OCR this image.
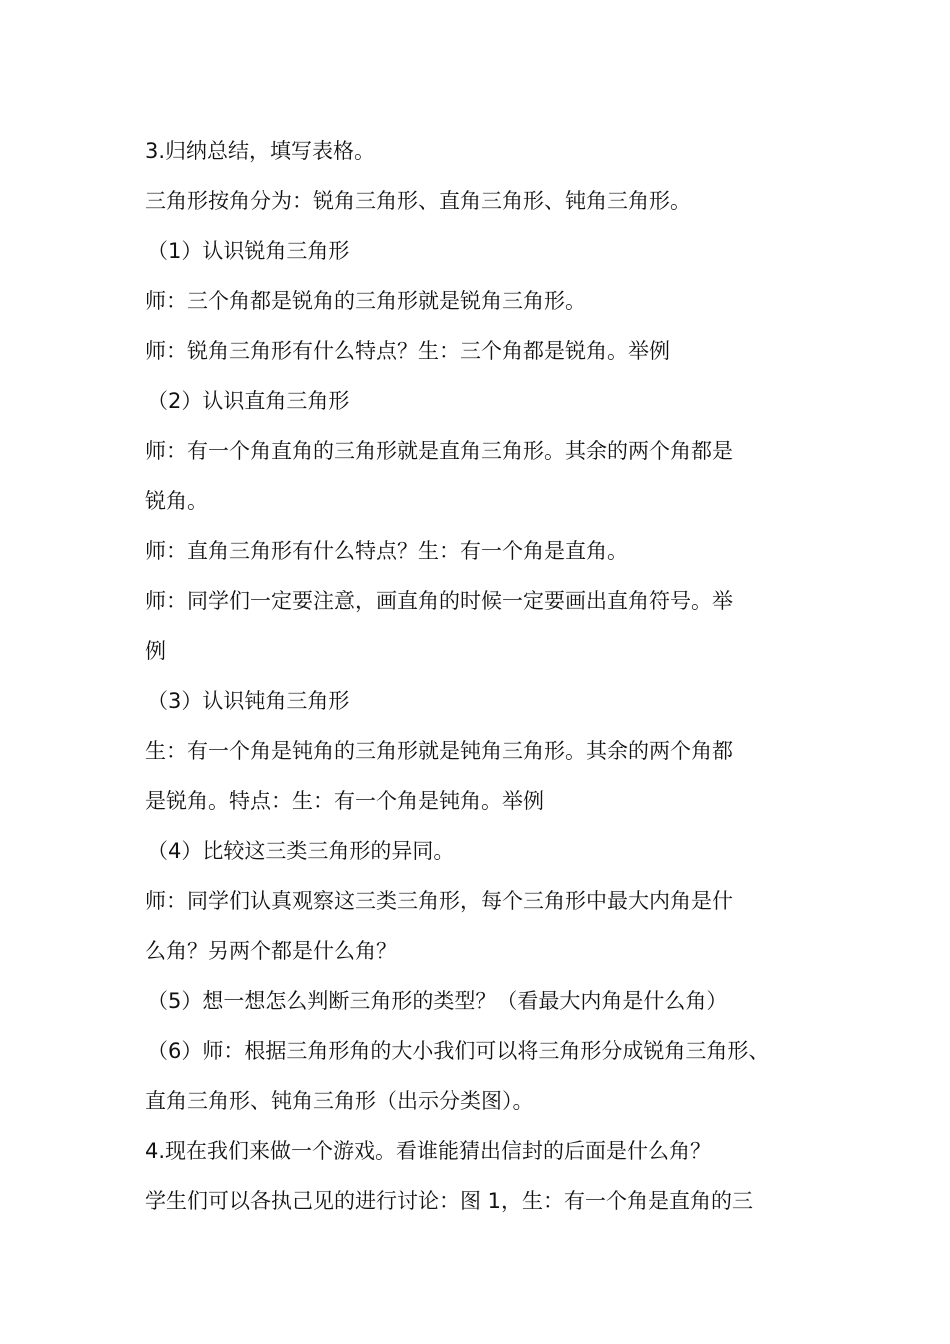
3.归纳总结，填写表格。

三角形按角分为：锐角三角形、直角三角形、钝角三角形。

（1）认识锐角三角形

师：三个角都是锐角的三角形就是锐角三角形。

师：锐角三角形有什么特点？生：三个角都是锐角。举例

（2）认识直角三角形

师：有一个角直角的三角形就是直角三角形。其余的两个角都是

锐角。

师：直角三角形有什么特点？生：有一个角是直角。

师：同学们一定要注意，画直角的时候一定要画出直角符号。举

例

（3）认识钝角三角形

生：有一个角是钝角的三角形就是钝角三角形。其余的两个角都

是锐角。特点：生：有一个角是钝角。举例

（4）比较这三类三角形的异同。

师：同学们认真观察这三类三角形，每个三角形中最大内角是什

么角？另两个都是什么角？

（5）想一想怎么判断三角形的类型？（看最大内角是什么角）

（6）师：根据三角形角的大小我们可以将三角形分成锐角三角形、

直角三角形、钝角三角形（出示分类图）。

4.现在我们来做一个游戏。看谁能猜出信封的后面是什么角？

学生们可以各执己见的进行讨论：图 1，生：有一个角是直角的三
